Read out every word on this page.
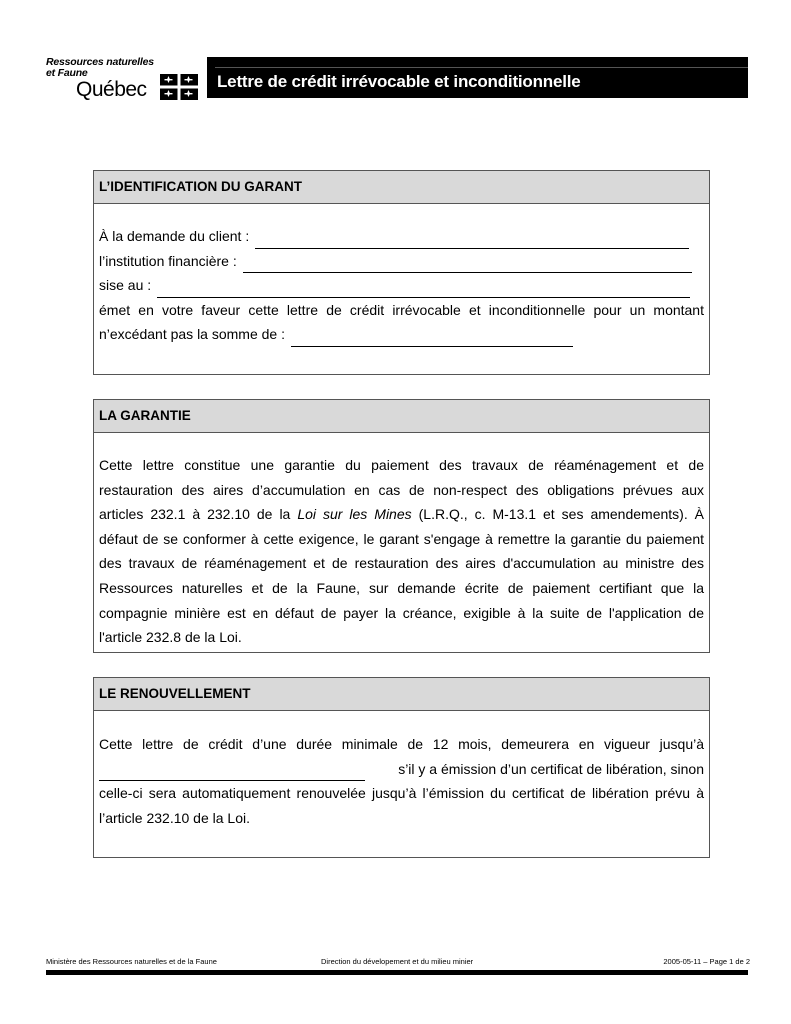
Ressources naturelles
et Faune
Québec	Lettre de crédit irrévocable et inconditionnelle
L’IDENTIFICATION DU GARANT
À la demande du client :
l’institution financière :
sise au :
émet en votre faveur cette lettre de crédit irrévocable et inconditionnelle pour un montant
n’excédant pas la somme de :
LA GARANTIE
Cette lettre constitue une garantie du paiement des travaux de réaménagement et de
restauration des aires d’accumulation en cas de non-respect des obligations prévues aux
articles 232.1 à 232.10 de la Loi sur les Mines (L.R.Q., c. M-13.1 et ses amendements). À
défaut de se conformer à cette exigence, le garant s'engage à remettre la garantie du paiement
des travaux de réaménagement et de restauration des aires d'accumulation au ministre des
Ressources naturelles et de la Faune, sur demande écrite de paiement certifiant que la
compagnie minière est en défaut de payer la créance, exigible à la suite de l'application de
l'article 232.8 de la Loi.
LE RENOUVELLEMENT
Cette lettre de crédit d’une durée minimale de 12 mois, demeurera en vigueur jusqu’à
s’il y a émission d’un certificat de libération, sinon
celle-ci sera automatiquement renouvelée jusqu’à l’émission du certificat de libération prévu à
l’article 232.10 de la Loi.
Ministère des Ressources naturelles et de la Faune	Direction du dévelopement et du milieu minier	2005-05-11 – Page 1 de 2
